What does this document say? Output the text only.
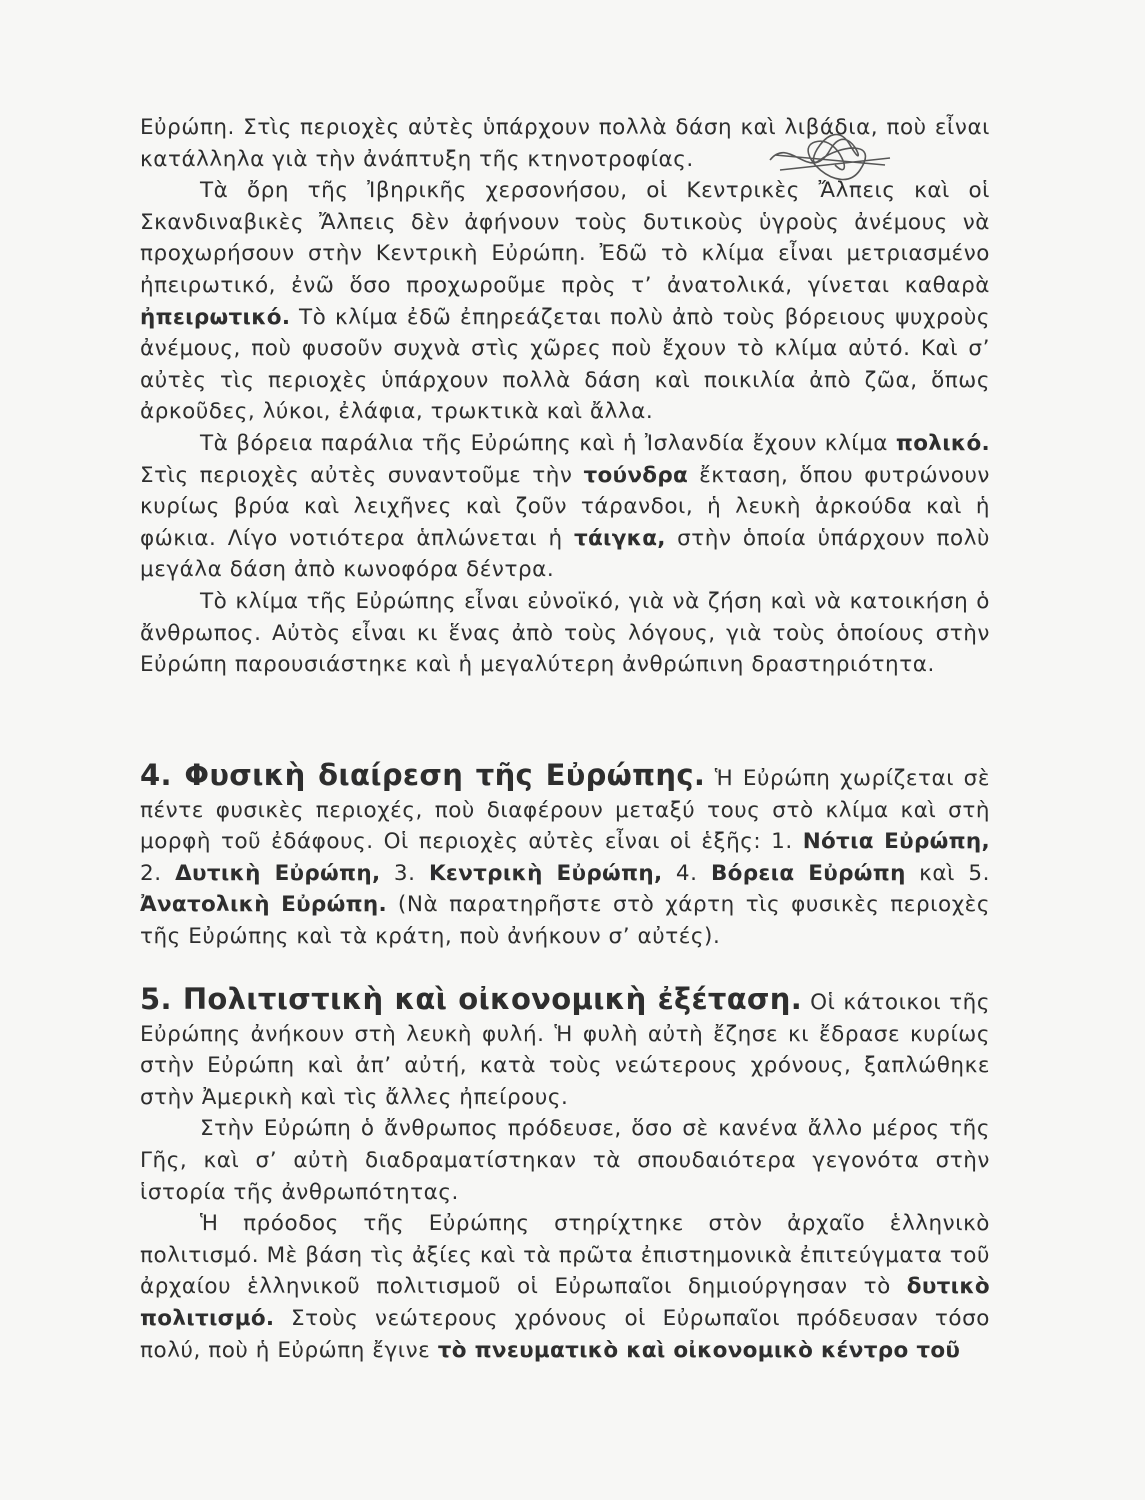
Εὐρώπη. Στὶς περιοχὲς αὐτὲς ὑπάρχουν πολλὰ δάση καὶ λιβάδια, ποὺ εἶναι κατάλληλα γιὰ τὴν ἀνάπτυξη τῆς κτηνοτροφίας.

Τὰ ὄρη τῆς Ἰβηρικῆς χερσονήσου, οἱ Κεντρικὲς Ἄλπεις καὶ οἱ Σκανδιναβικὲς Ἄλπεις δὲν ἀφήνουν τοὺς δυτικοὺς ὑγροὺς ἀνέμους νὰ προχωρήσουν στὴν Κεντρικὴ Εὐρώπη. Ἐδῶ τὸ κλίμα εἶναι μετριασμένο ἠπειρωτικό, ἐνῶ ὅσο προχωροῦμε πρὸς τ’ ἀνατολικά, γίνεται καθαρὰ ἠπειρωτικό. Τὸ κλίμα ἐδῶ ἐπηρεάζεται πολὺ ἀπὸ τοὺς βόρειους ψυχροὺς ἀνέμους, ποὺ φυσοῦν συχνὰ στὶς χῶρες ποὺ ἔχουν τὸ κλίμα αὐτό. Καὶ σ’ αὐτὲς τὶς περιοχὲς ὑπάρχουν πολλὰ δάση καὶ ποικιλία ἀπὸ ζῶα, ὅπως ἀρκοῦδες, λύκοι, ἐλάφια, τρωκτικὰ καὶ ἄλλα.

Τὰ βόρεια παράλια τῆς Εὐρώπης καὶ ἡ Ἰσλανδία ἔχουν κλίμα πολικό. Στὶς περιοχὲς αὐτὲς συναντοῦμε τὴν τούνδρα ἔκταση, ὅπου φυτρώνουν κυρίως βρύα καὶ λειχῆνες καὶ ζοῦν τάρανδοι, ἡ λευκὴ ἀρκούδα καὶ ἡ φώκια. Λίγο νοτιότερα ἁπλώνεται ἡ τάιγκα, στὴν ὁποία ὑπάρχουν πολὺ μεγάλα δάση ἀπὸ κωνοφόρα δέντρα.

Τὸ κλίμα τῆς Εὐρώπης εἶναι εὐνοϊκό, γιὰ νὰ ζήση καὶ νὰ κατοικήση ὁ ἄνθρωπος. Αὐτὸς εἶναι κι ἕνας ἀπὸ τοὺς λόγους, γιὰ τοὺς ὁποίους στὴν Εὐρώπη παρουσιάστηκε καὶ ἡ μεγαλύτερη ἀνθρώπινη δραστηριότητα.

4. Φυσικὴ διαίρεση τῆς Εὐρώπης. Ἡ Εὐρώπη χωρίζεται σὲ πέντε φυσικὲς περιοχές, ποὺ διαφέρουν μεταξύ τους στὸ κλίμα καὶ στὴ μορφὴ τοῦ ἐδάφους. Οἱ περιοχὲς αὐτὲς εἶναι οἱ ἑξῆς: 1. Νότια Εὐρώπη, 2. Δυτικὴ Εὐρώπη, 3. Κεντρικὴ Εὐρώπη, 4. Βόρεια Εὐρώπη καὶ 5. Ἀνατολικὴ Εὐρώπη. (Νὰ παρατηρῆστε στὸ χάρτη τὶς φυσικὲς περιοχὲς τῆς Εὐρώπης καὶ τὰ κράτη, ποὺ ἀνήκουν σ’ αὐτές).

5. Πολιτιστικὴ καὶ οἰκονομικὴ ἐξέταση. Οἱ κάτοικοι τῆς Εὐρώπης ἀνήκουν στὴ λευκὴ φυλή. Ἡ φυλὴ αὐτὴ ἔζησε κι ἔδρασε κυρίως στὴν Εὐρώπη καὶ ἀπ’ αὐτή, κατὰ τοὺς νεώτερους χρόνους, ξαπλώθηκε στὴν Ἀμερικὴ καὶ τὶς ἄλλες ἠπείρους.

Στὴν Εὐρώπη ὁ ἄνθρωπος πρόδευσε, ὅσο σὲ κανένα ἄλλο μέρος τῆς Γῆς, καὶ σ’ αὐτὴ διαδραματίστηκαν τὰ σπουδαιότερα γεγονότα στὴν ἱστορία τῆς ἀνθρωπότητας.

Ἡ πρόοδος τῆς Εὐρώπης στηρίχτηκε στὸν ἀρχαῖο ἑλληνικὸ πολιτισμό. Μὲ βάση τὶς ἀξίες καὶ τὰ πρῶτα ἐπιστημονικὰ ἐπιτεύγματα τοῦ ἀρχαίου ἑλληνικοῦ πολιτισμοῦ οἱ Εὐρωπαῖοι δημιούργησαν τὸ δυτικὸ πολιτισμό. Στοὺς νεώτερους χρόνους οἱ Εὐρωπαῖοι πρόδευσαν τόσο πολύ, ποὺ ἡ Εὐρώπη ἔγινε τὸ πνευματικὸ καὶ οἰκονομικὸ κέντρο τοῦ
